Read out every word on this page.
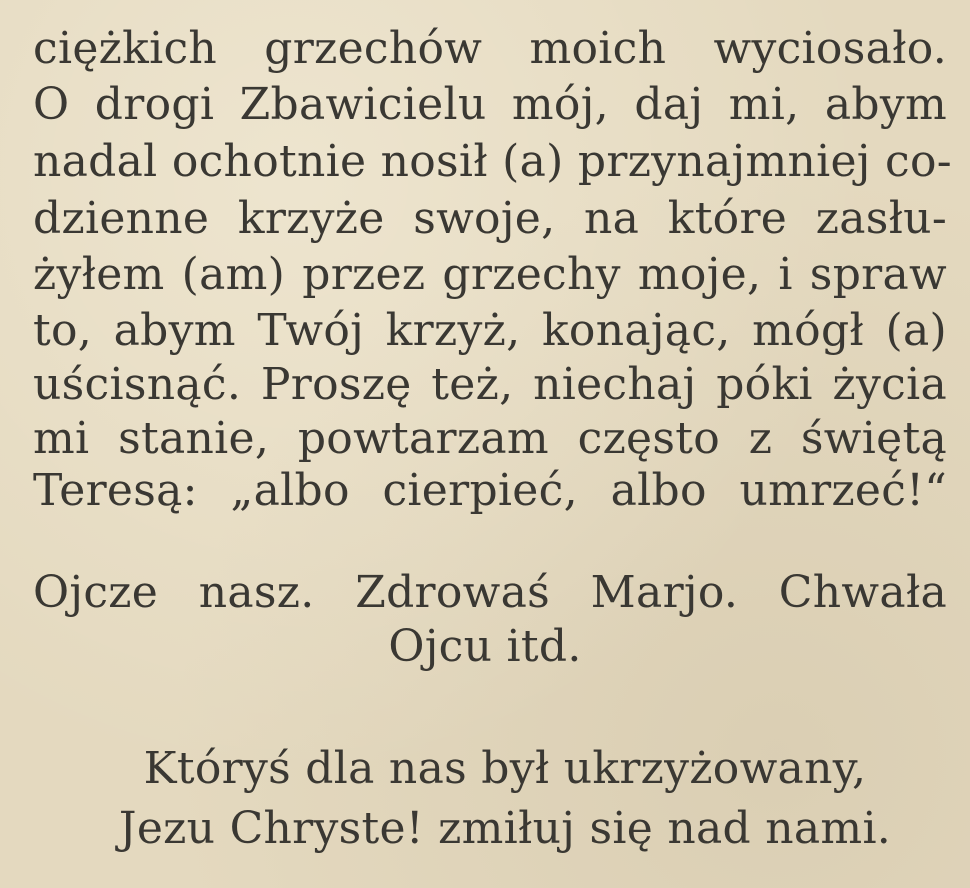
ciężkich grzechów moich wyciosało.
O drogi Zbawicielu mój, daj mi, abym
nadal ochotnie nosił (a) przynajmniej co-
dzienne krzyże swoje, na które zasłu-
żyłem (am) przez grzechy moje, i spraw
to, abym Twój krzyż, konając, mógł (a)
uścisnąć. Proszę też, niechaj póki życia
mi stanie, powtarzam często z świętą
Teresą: „albo cierpieć, albo umrzeć!“
Ojcze nasz. Zdrowaś Marjo. Chwała
Ojcu itd.
Któryś dla nas był ukrzyżowany,
Jezu Chryste! zmiłuj się nad nami.
